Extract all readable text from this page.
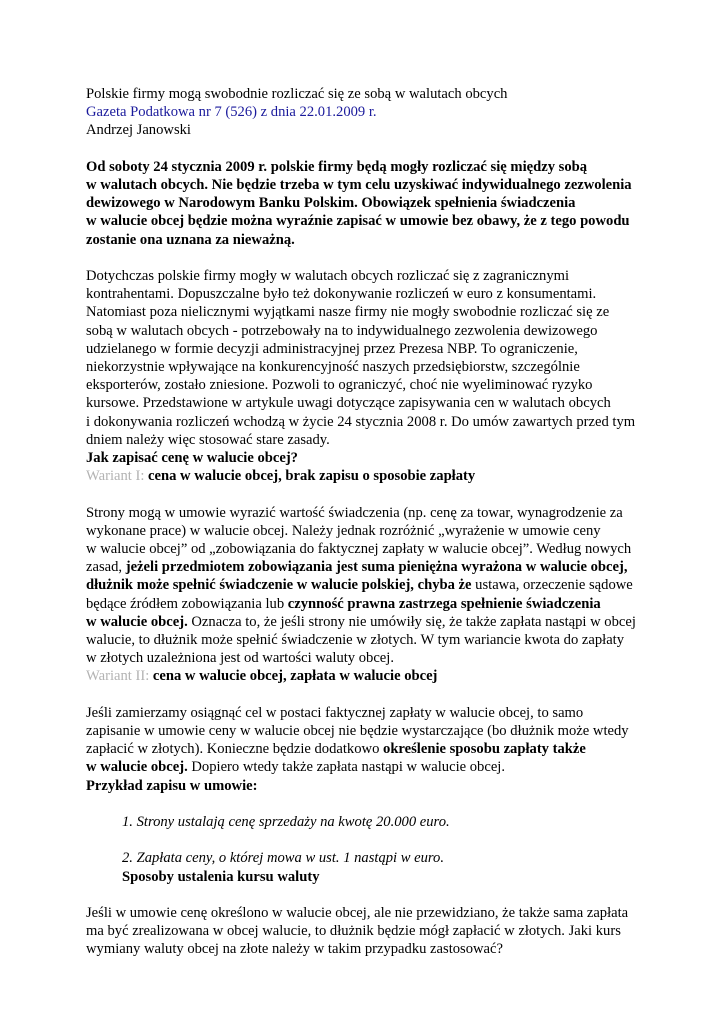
Polskie firmy mogą swobodnie rozliczać się ze sobą w walutach obcych
Gazeta Podatkowa nr 7 (526) z dnia 22.01.2009 r.
Andrzej Janowski
Od soboty 24 stycznia 2009 r. polskie firmy będą mogły rozliczać się między sobą
w walutach obcych. Nie będzie trzeba w tym celu uzyskiwać indywidualnego zezwolenia
dewizowego w Narodowym Banku Polskim. Obowiązek spełnienia świadczenia
w walucie obcej będzie można wyraźnie zapisać w umowie bez obawy, że z tego powodu
zostanie ona uznana za nieważną.
Dotychczas polskie firmy mogły w walutach obcych rozliczać się z zagranicznymi
kontrahentami. Dopuszczalne było też dokonywanie rozliczeń w euro z konsumentami.
Natomiast poza nielicznymi wyjątkami nasze firmy nie mogły swobodnie rozliczać się ze
sobą w walutach obcych - potrzebowały na to indywidualnego zezwolenia dewizowego
udzielanego w formie decyzji administracyjnej przez Prezesa NBP. To ograniczenie,
niekorzystnie wpływające na konkurencyjność naszych przedsiębiorstw, szczególnie
eksporterów, zostało zniesione. Pozwoli to ograniczyć, choć nie wyeliminować ryzyko
kursowe. Przedstawione w artykule uwagi dotyczące zapisywania cen w walutach obcych
i dokonywania rozliczeń wchodzą w życie 24 stycznia 2008 r. Do umów zawartych przed tym
dniem należy więc stosować stare zasady.
Jak zapisać cenę w walucie obcej?
Wariant I: cena w walucie obcej, brak zapisu o sposobie zapłaty
Strony mogą w umowie wyrazić wartość świadczenia (np. cenę za towar, wynagrodzenie za
wykonane prace) w walucie obcej. Należy jednak rozróżnić „wyrażenie w umowie ceny
w walucie obcej” od „zobowiązania do faktycznej zapłaty w walucie obcej”. Według nowych
zasad, jeżeli przedmiotem zobowiązania jest suma pieniężna wyrażona w walucie obcej,
dłużnik może spełnić świadczenie w walucie polskiej, chyba że ustawa, orzeczenie sądowe
będące źródłem zobowiązania lub czynność prawna zastrzega spełnienie świadczenia
w walucie obcej. Oznacza to, że jeśli strony nie umówiły się, że także zapłata nastąpi w obcej
walucie, to dłużnik może spełnić świadczenie w złotych. W tym wariancie kwota do zapłaty
w złotych uzależniona jest od wartości waluty obcej.
Wariant II: cena w walucie obcej, zapłata w walucie obcej
Jeśli zamierzamy osiągnąć cel w postaci faktycznej zapłaty w walucie obcej, to samo
zapisanie w umowie ceny w walucie obcej nie będzie wystarczające (bo dłużnik może wtedy
zapłacić w złotych). Konieczne będzie dodatkowo określenie sposobu zapłaty także
w walucie obcej. Dopiero wtedy także zapłata nastąpi w walucie obcej.
Przykład zapisu w umowie:
1. Strony ustalają cenę sprzedaży na kwotę 20.000 euro.
2. Zapłata ceny, o której mowa w ust. 1 nastąpi w euro.
Sposoby ustalenia kursu waluty
Jeśli w umowie cenę określono w walucie obcej, ale nie przewidziano, że także sama zapłata
ma być zrealizowana w obcej walucie, to dłużnik będzie mógł zapłacić w złotych. Jaki kurs
wymiany waluty obcej na złote należy w takim przypadku zastosować?
